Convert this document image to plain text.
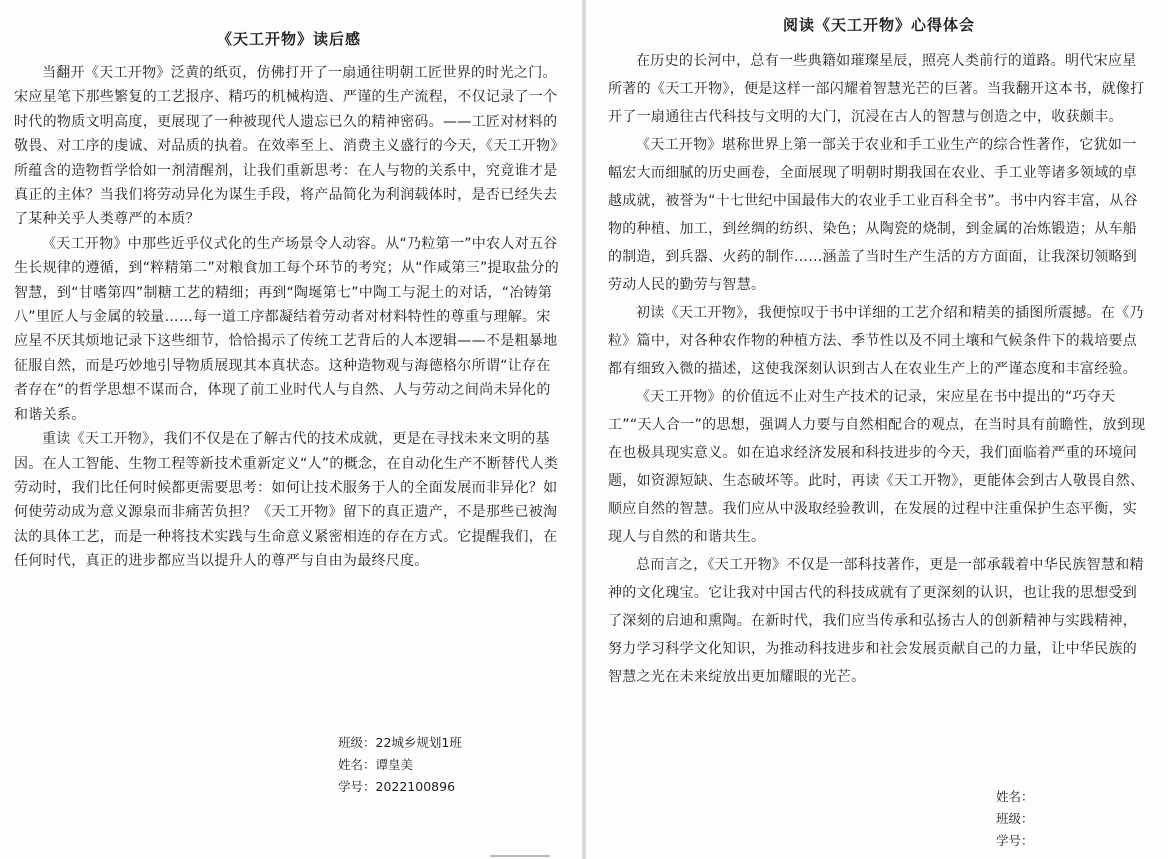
《天工开物》读后感

当翻开《天工开物》泛黄的纸页，仿佛打开了一扇通往明朝工匠世界的时光之门。宋应星笔下那些繁复的工艺报序、精巧的机械构造、严谨的生产流程，不仅记录了一个时代的物质文明高度，更展现了一种被现代人遗忘已久的精神密码。——工匠对材料的敬畏、对工序的虔诚、对品质的执着。在效率至上、消费主义盛行的今天，《天工开物》所蕴含的造物哲学恰如一剂清醒剂，让我们重新思考：在人与物的关系中，究竟谁才是真正的主体？当我们将劳动异化为谋生手段，将产品简化为利润载体时，是否已经失去了某种关乎人类尊严的本质？

《天工开物》中那些近乎仪式化的生产场景令人动容。从“乃粒第一”中农人对五谷生长规律的遵循，到“粹精第二”对粮食加工每个环节的考究；从“作咸第三”提取盐分的智慧，到“甘嗜第四”制糖工艺的精细；再到“陶埏第七”中陶工与泥土的对话，“冶铸第八”里匠人与金属的较量……每一道工序都凝结着劳动者对材料特性的尊重与理解。宋应星不厌其烦地记录下这些细节，恰恰揭示了传统工艺背后的人本逻辑——不是粗暴地征服自然，而是巧妙地引导物质展现其本真状态。这种造物观与海德格尔所谓“让存在者存在”的哲学思想不谋而合，体现了前工业时代人与自然、人与劳动之间尚未异化的和谐关系。

重读《天工开物》，我们不仅是在了解古代的技术成就，更是在寻找未来文明的基因。在人工智能、生物工程等新技术重新定义“人”的概念，在自动化生产不断替代人类劳动时，我们比任何时候都更需要思考：如何让技术服务于人的全面发展而非异化？如何使劳动成为意义源泉而非痛苦负担？《天工开物》留下的真正遗产，不是那些已被淘汰的具体工艺，而是一种将技术实践与生命意义紧密相连的存在方式。它提醒我们，在任何时代，真正的进步都应当以提升人的尊严与自由为最终尺度。

班级：22城乡规划1班
姓名：谭皇美
学号：2022100896
阅读《天工开物》心得体会

在历史的长河中，总有一些典籍如璀璨星辰，照亮人类前行的道路。明代宋应星所著的《天工开物》，便是这样一部闪耀着智慧光芒的巨著。当我翻开这本书，就像打开了一扇通往古代科技与文明的大门，沉浸在古人的智慧与创造之中，收获颇丰。

《天工开物》堪称世界上第一部关于农业和手工业生产的综合性著作，它犹如一幅宏大而细腻的历史画卷，全面展现了明朝时期我国在农业、手工业等诸多领域的卓越成就，被誉为“十七世纪中国最伟大的农业手工业百科全书”。书中内容丰富，从谷物的种植、加工，到丝绸的纺织、染色；从陶瓷的烧制，到金属的冶炼锻造；从车船的制造，到兵器、火药的制作……涵盖了当时生产生活的方方面面，让我深切领略到劳动人民的勤劳与智慧。

初读《天工开物》，我便惊叹于书中详细的工艺介绍和精美的插图所震撼。在《乃粒》篇中，对各种农作物的种植方法、季节性以及不同土壤和气候条件下的栽培要点都有细致入微的描述，这使我深刻认识到古人在农业生产上的严谨态度和丰富经验。

《天工开物》的价值远不止对生产技术的记录，宋应星在书中提出的“巧夺天工”“天人合一”的思想，强调人力要与自然相配合的观点，在当时具有前瞻性，放到现在也极具现实意义。如在追求经济发展和科技进步的今天，我们面临着严重的环境问题，如资源短缺、生态破坏等。此时，再读《天工开物》，更能体会到古人敬畏自然、顺应自然的智慧。我们应从中汲取经验教训，在发展的过程中注重保护生态平衡，实现人与自然的和谐共生。

总而言之，《天工开物》不仅是一部科技著作，更是一部承载着中华民族智慧和精神的文化瑰宝。它让我对中国古代的科技成就有了更深刻的认识，也让我的思想受到了深刻的启迪和熏陶。在新时代，我们应当传承和弘扬古人的创新精神与实践精神，努力学习科学文化知识，为推动科技进步和社会发展贡献自己的力量，让中华民族的智慧之光在未来绽放出更加耀眼的光芒。

姓名：
班级：
学号：
